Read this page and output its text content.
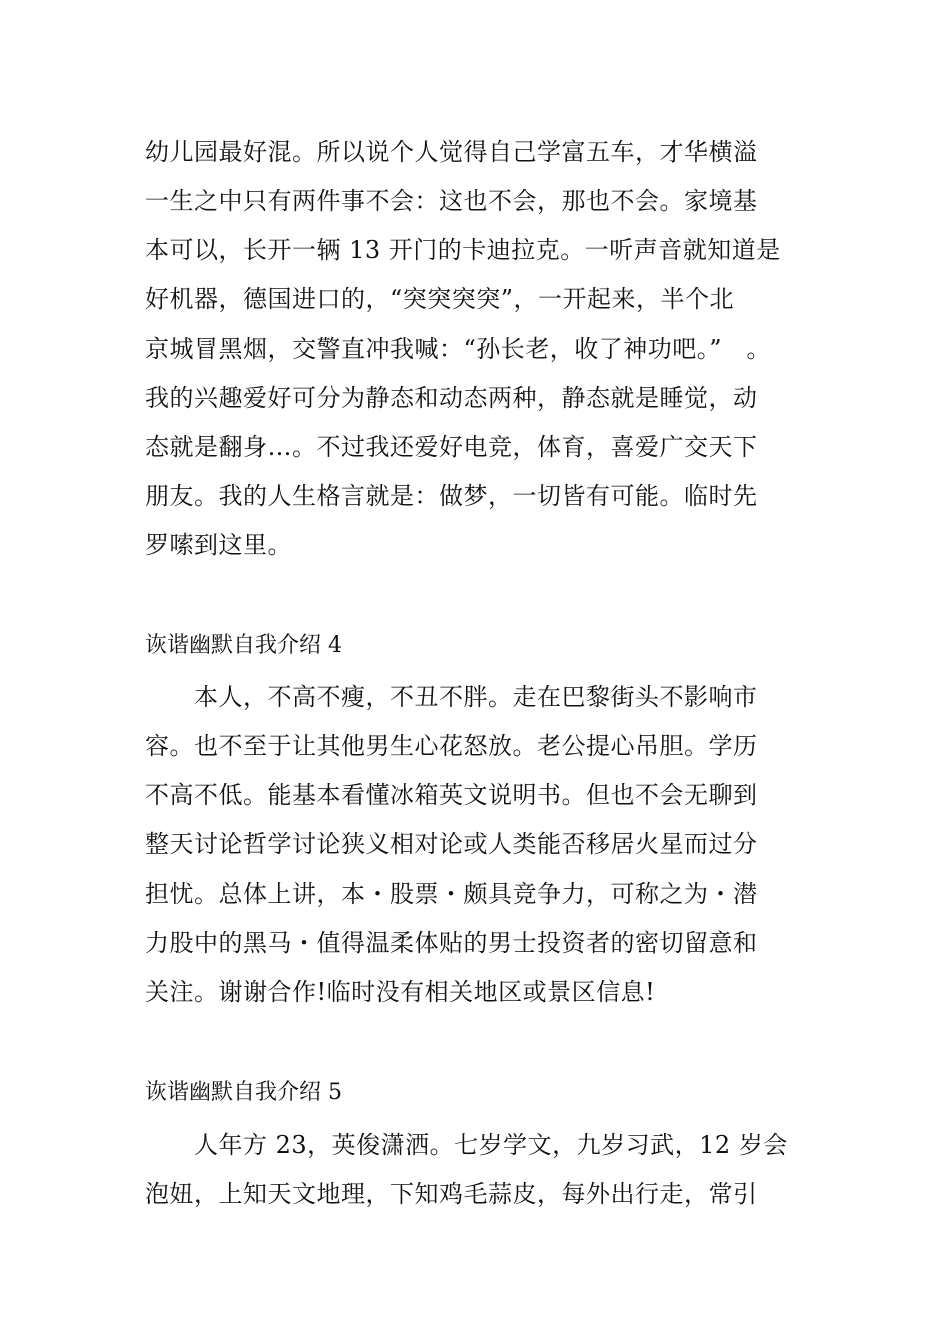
幼儿园最好混。所以说个人觉得自己学富五车，才华横溢
一生之中只有两件事不会：这也不会，那也不会。家境基
本可以，长开一辆 13 开门的卡迪拉克。一听声音就知道是
好机器，德国进口的，“突突突突”，一开起来，半个北
京城冒黑烟，交警直冲我喊：“孙长老，收了神功吧。”　。
我的兴趣爱好可分为静态和动态两种，静态就是睡觉，动
态就是翻身…。不过我还爱好电竞，体育，喜爱广交天下
朋友。我的人生格言就是：做梦，一切皆有可能。临时先
罗嗦到这里。
诙谐幽默自我介绍 4
　　本人，不高不瘦，不丑不胖。走在巴黎街头不影响市
容。也不至于让其他男生心花怒放。老公提心吊胆。学历
不高不低。能基本看懂冰箱英文说明书。但也不会无聊到
整天讨论哲学讨论狭义相对论或人类能否移居火星而过分
担忧。总体上讲，本・股票・颇具竞争力，可称之为・潜
力股中的黑马・值得温柔体贴的男士投资者的密切留意和
关注。谢谢合作!临时没有相关地区或景区信息!
诙谐幽默自我介绍 5
　　人年方 23，英俊潇洒。七岁学文，九岁习武，12 岁会
泡妞，上知天文地理，下知鸡毛蒜皮，每外出行走，常引
